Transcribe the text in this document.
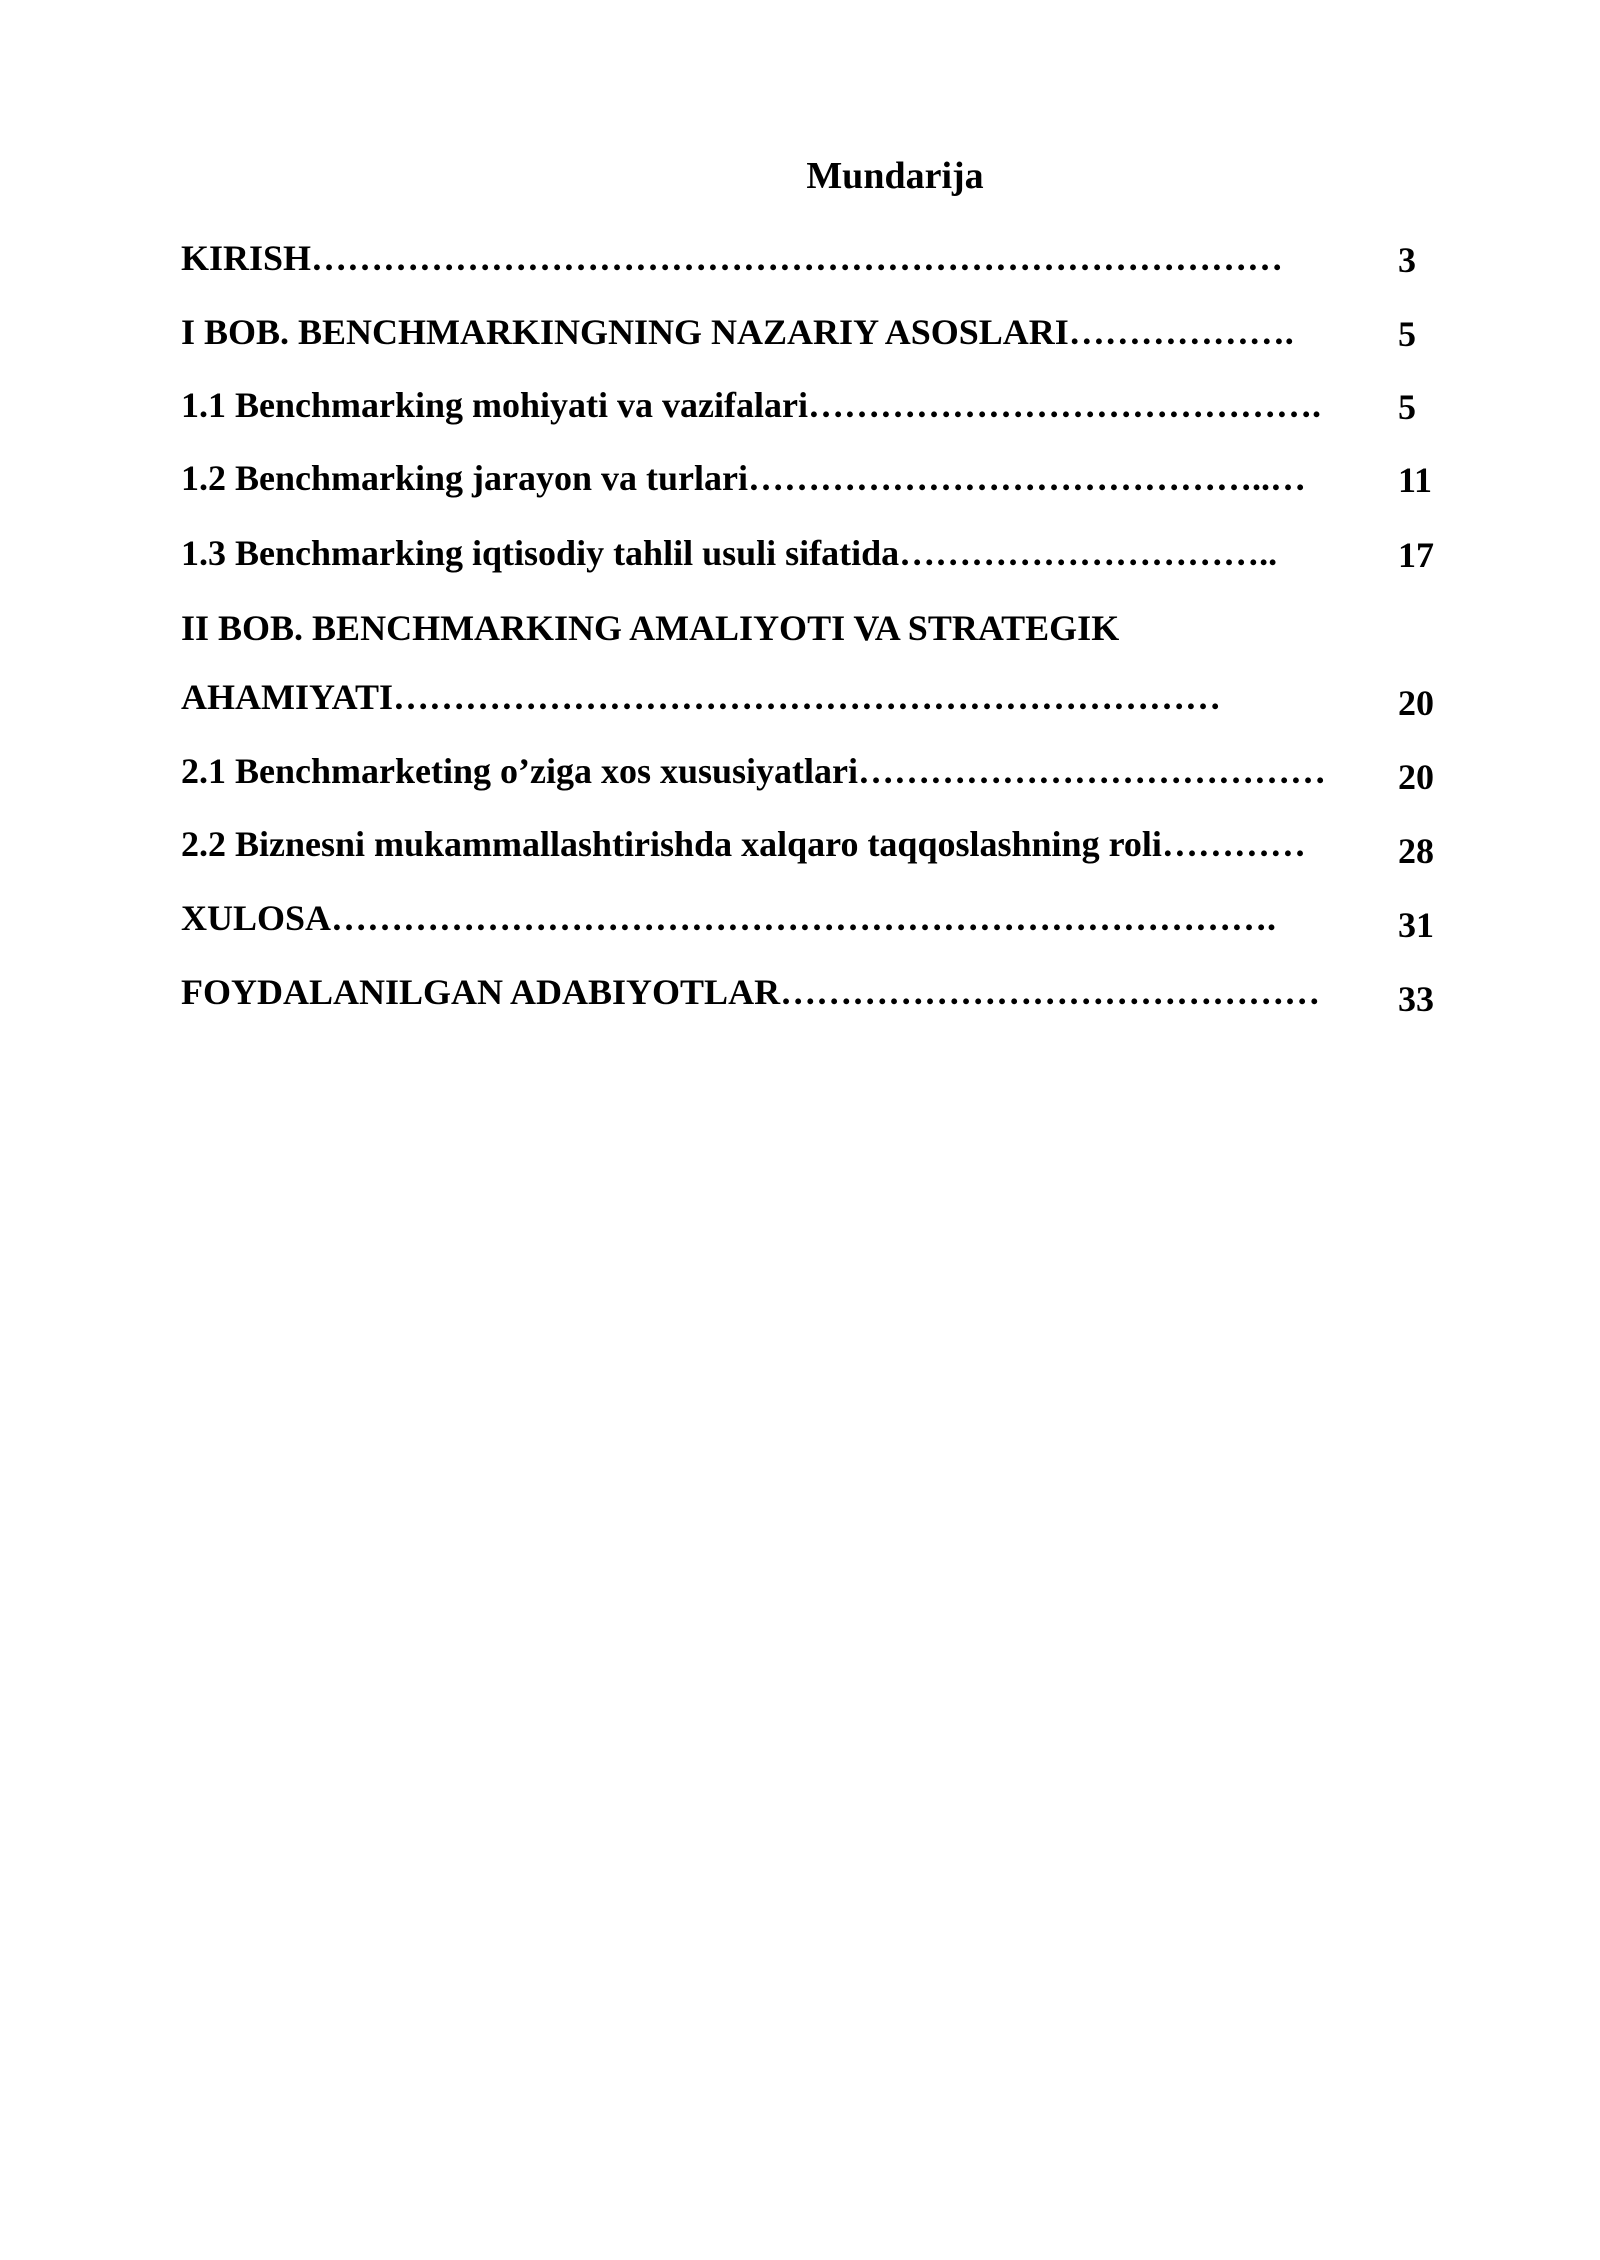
Mundarija
KIRISH………………………………………………………………………	3
I BOB. BENCHMARKINGNING NAZARIY ASOSLARI……………….	5
1.1 Benchmarking mohiyati va vazifalari……………………………………. 5
1.2 Benchmarking jarayon va turlari……………………………………..…	11
1.3 Benchmarking iqtisodiy tahlil usuli sifatida…………………………..	17
II BOB. BENCHMARKING AMALIYOTI VA STRATEGIK
AHAMIYATI……………………………………………………………	20
2.1 Benchmarketing o’ziga xos xususiyatlari………………………………… 20
2.2 Biznesni mukammallashtirishda xalqaro taqqoslashning roli…………	28
XULOSA…………………………………………………………………….	31
FOYDALANILGAN ADABIYOTLAR……………………………………… 33
